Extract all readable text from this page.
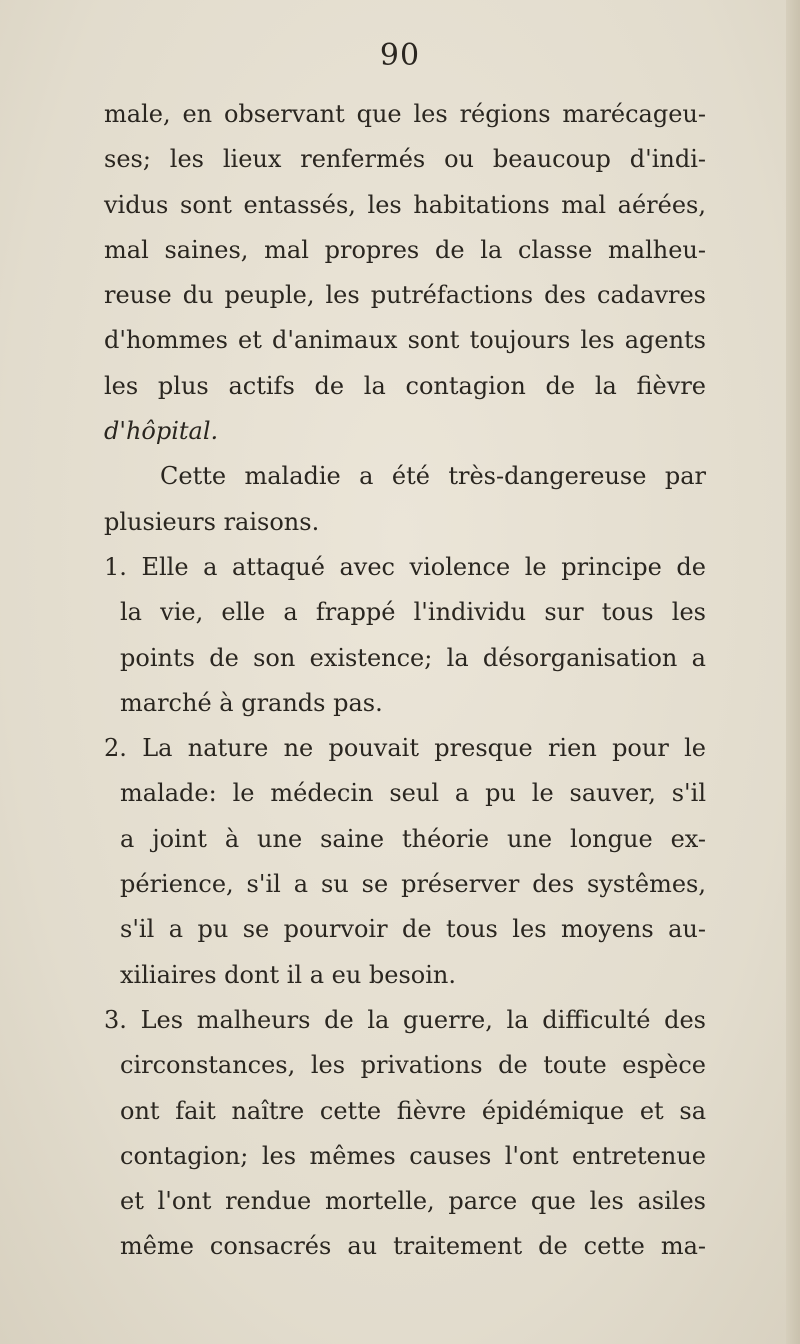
90
male, en observant que les régions marécageu-
ses; les lieux renfermés ou beaucoup d'indi-
vidus sont entassés, les habitations mal aérées,
mal saines, mal propres de la classe malheu-
reuse du peuple, les putréfactions des cadavres
d'hommes et d'animaux sont toujours les agents
les plus actifs de la contagion de la fièvre
d'hôpital.
Cette maladie a été très-dangereuse par
plusieurs raisons.
1. Elle a attaqué avec violence le principe de
la vie, elle a frappé l'individu sur tous les
points de son existence; la désorganisation a
marché à grands pas.
2. La nature ne pouvait presque rien pour le
malade: le médecin seul a pu le sauver, s'il
a joint à une saine théorie une longue ex-
périence, s'il a su se préserver des systêmes,
s'il a pu se pourvoir de tous les moyens au-
xiliaires dont il a eu besoin.
3. Les malheurs de la guerre, la difficulté des
circonstances, les privations de toute espèce
ont fait naître cette fièvre épidémique et sa
contagion; les mêmes causes l'ont entretenue
et l'ont rendue mortelle, parce que les asiles
même consacrés au traitement de cette ma-
